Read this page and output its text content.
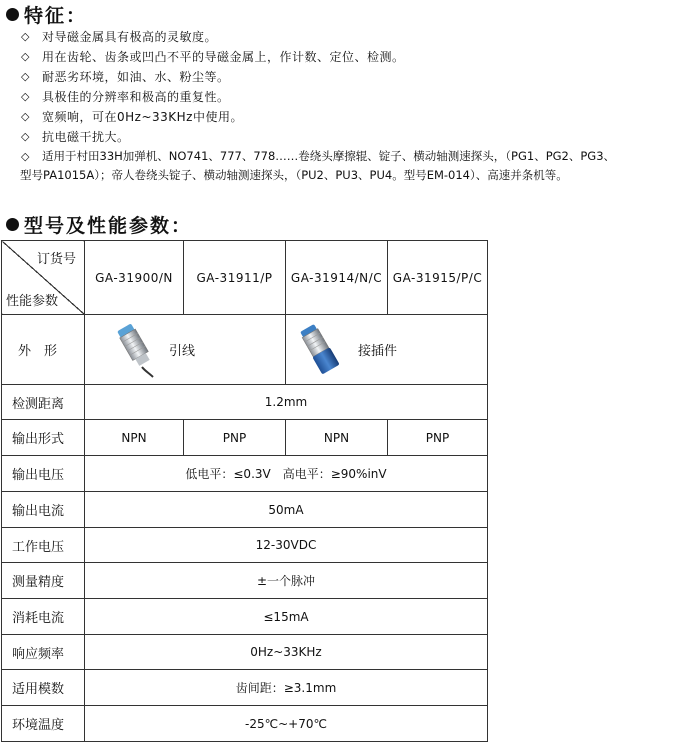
特征：
◇ 对导磁金属具有极高的灵敏度。
◇ 用在齿轮、齿条或凹凸不平的导磁金属上，作计数、定位、检测。
◇ 耐恶劣环境，如油、水、粉尘等。
◇ 具极佳的分辨率和极高的重复性。
◇ 宽频响，可在0Hz~33KHz中使用。
◇ 抗电磁干扰大。
◇ 适用于村田33H加弹机、NO741、777、778……卷绕头摩擦辊、锭子、横动轴测速探头，（PG1、PG2、PG3、
型号PA1015A）；帝人卷绕头锭子、横动轴测速探头，（PU2、PU3、PU4。型号EM-014）、高速并条机等。
型号及性能参数：
订货号
性能参数	GA-31900/N	GA-31911/P	GA-31914/N/C	GA-31915/P/C
外　形	引线		接插件	

检测距离	1.2mm			
输出形式	NPN	PNP	NPN	PNP
输出电压	低电平：≤0.3V　高电平：≥90%inV			
输出电流	50mA			
工作电压	12-30VDC			
测量精度	±一个脉冲			
消耗电流	≤15mA			
响应频率	0Hz~33KHz			
适用模数	齿间距：≥3.1mm			
环境温度	-25℃~+70℃			
